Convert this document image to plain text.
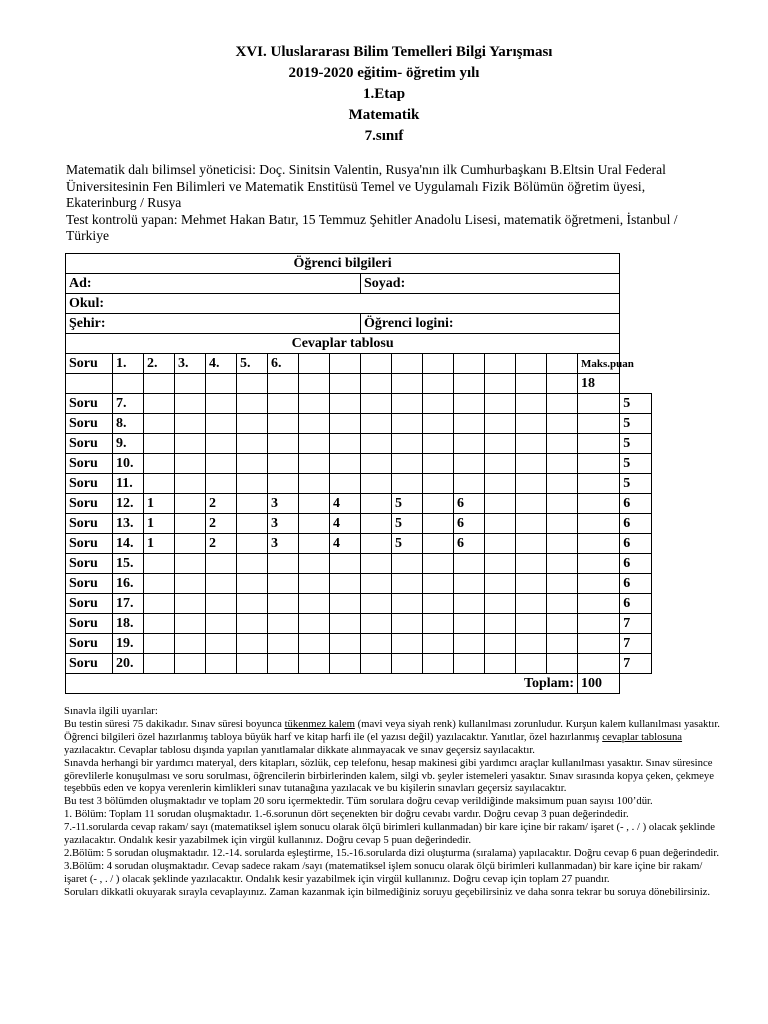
XVI. Uluslararası Bilim Temelleri Bilgi Yarışması
2019-2020 eğitim- öğretim yılı
1.Etap
Matematik
7.sınıf

Matematik dalı bilimsel yöneticisi: Doç. Sinitsin Valentin, Rusya'nın ilk Cumhurbaşkanı B.Eltsin Ural Federal Üniversitesinin Fen Bilimleri ve Matematik Enstitüsü Temel ve Uygulamalı Fizik Bölümün öğretim üyesi, Ekaterinburg / Rusya

Test kontrolü yapan: Mehmet Hakan Batır, 15 Temmuz Şehitler Anadolu Lisesi, matematik öğretmeni, İstanbul / Türkiye

Öğrenci bilgileri																	
Ad:									Soyad:								
Okul:																	
Şehir:									Öğrenci logini:								
Cevaplar tablosu																	
Soru	1.	2.	3.	4.	5.	6.										Maks.puan	
																18	
Soru	7.																5
Soru	8.																5
Soru	9.																5
Soru	10.																5
Soru	11.																5
Soru	12.	1		2		3		4		5		6					6
Soru	13.	1		2		3		4		5		6					6
Soru	14.	1		2		3		4		5		6					6
Soru	15.																6
Soru	16.																6
Soru	17.																6
Soru	18.																7
Soru	19.																7
Soru	20.																7
Toplam:																100	

Sınavla ilgili uyarılar:

Bu testin süresi 75 dakikadır. Sınav süresi boyunca tükenmez kalem (mavi veya siyah renk) kullanılması zorunludur. Kurşun kalem kullanılması yasaktır. Öğrenci bilgileri özel hazırlanmış tabloya büyük harf ve kitap harfi ile (el yazısı değil) yazılacaktır. Yanıtlar, özel hazırlanmış cevaplar tablosuna yazılacaktır. Cevaplar tablosu dışında yapılan yanıtlamalar dikkate alınmayacak ve sınav geçersiz sayılacaktır.

Sınavda herhangi bir yardımcı materyal, ders kitapları, sözlük, cep telefonu, hesap makinesi gibi yardımcı araçlar kullanılması yasaktır. Sınav süresince görevlilerle konuşulması ve soru sorulması, öğrencilerin birbirlerinden kalem, silgi vb. şeyler istemeleri yasaktır. Sınav sırasında kopya çeken, çekmeye teşebbüs eden ve kopya verenlerin kimlikleri sınav tutanağına yazılacak ve bu kişilerin sınavları geçersiz sayılacaktır.

Bu test 3 bölümden oluşmaktadır ve toplam 20 soru içermektedir. Tüm sorulara doğru cevap verildiğinde maksimum puan sayısı 100’dür.

1. Bölüm: Toplam 11 sorudan oluşmaktadır. 1.-6.sorunun dört seçenekten bir doğru cevabı vardır. Doğru cevap 3 puan değerindedir.

7.-11.sorularda cevap rakam/ sayı (matematiksel işlem sonucu olarak ölçü birimleri kullanmadan) bir kare içine bir rakam/ işaret (- , . / ) olacak şeklinde yazılacaktır. Ondalık kesir yazabilmek için virgül kullanınız. Doğru cevap 5 puan değerindedir.

2.Bölüm: 5 sorudan oluşmaktadır. 12.-14. sorularda eşleştirme, 15.-16.sorularda dizi oluşturma (sıralama) yapılacaktır. Doğru cevap 6 puan değerindedir.

3.Bölüm: 4 sorudan oluşmaktadır. Cevap sadece rakam /sayı (matematiksel işlem sonucu olarak ölçü birimleri kullanmadan) bir kare içine bir rakam/ işaret (- , . / ) olacak şeklinde yazılacaktır. Ondalık kesir yazabilmek için virgül kullanınız. Doğru cevap için toplam 27 puandır.

Soruları dikkatli okuyarak sırayla cevaplayınız. Zaman kazanmak için bilmediğiniz soruyu geçebilirsiniz ve daha sonra tekrar bu soruya dönebilirsiniz.
